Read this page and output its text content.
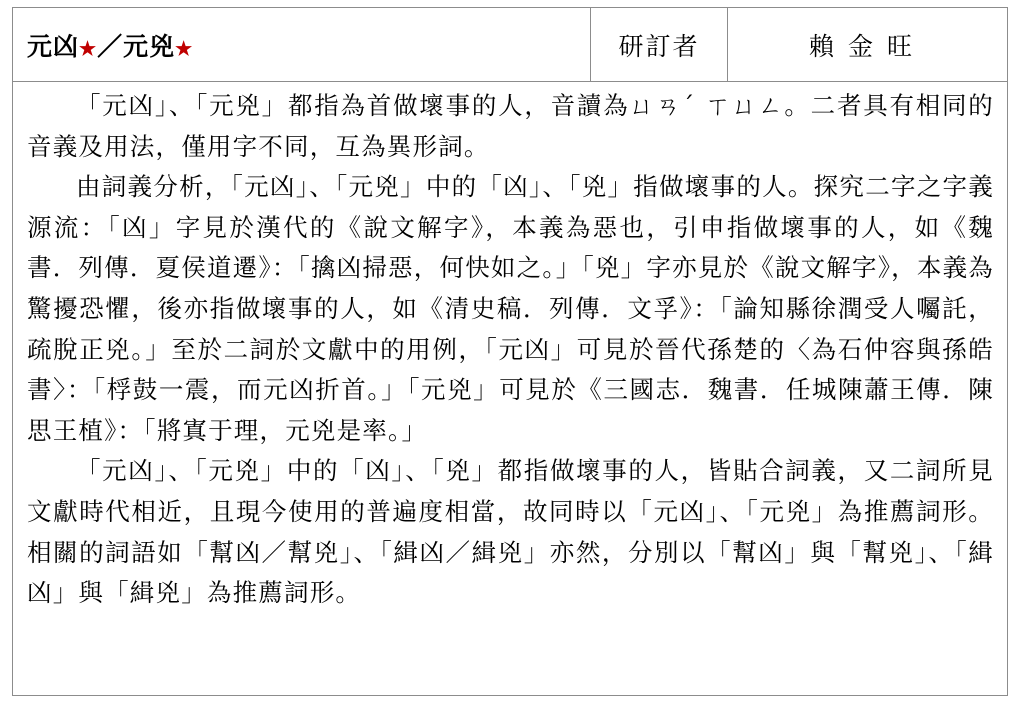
元凶★／元兇★	研訂者	賴金旺

「元凶」、「元兇」都指為首做壞事的人，音讀為ㄩㄢˊ ㄒㄩㄥ。二者具有相同的音義及用法，僅用字不同，互為異形詞。

由詞義分析，「元凶」、「元兇」中的「凶」、「兇」指做壞事的人。探究二字之字義源流：「凶」字見於漢代的《說文解字》，本義為惡也，引申指做壞事的人，如《魏書．列傳．夏侯道遷》：「擒凶掃惡，何快如之。」「兇」字亦見於《說文解字》，本義為驚擾恐懼，後亦指做壞事的人，如《清史稿．列傳．文孚》：「論知縣徐潤受人囑託，疏脫正兇。」至於二詞於文獻中的用例，「元凶」可見於晉代孫楚的〈為石仲容與孫皓書〉：「桴鼓一震，而元凶折首。」「元兇」可見於《三國志．魏書．任城陳蕭王傳．陳思王植》：「將寘于理，元兇是率。」

「元凶」、「元兇」中的「凶」、「兇」都指做壞事的人，皆貼合詞義，又二詞所見文獻時代相近，且現今使用的普遍度相當，故同時以「元凶」、「元兇」為推薦詞形。相關的詞語如「幫凶／幫兇」、「緝凶／緝兇」亦然，分別以「幫凶」與「幫兇」、「緝凶」與「緝兇」為推薦詞形。
